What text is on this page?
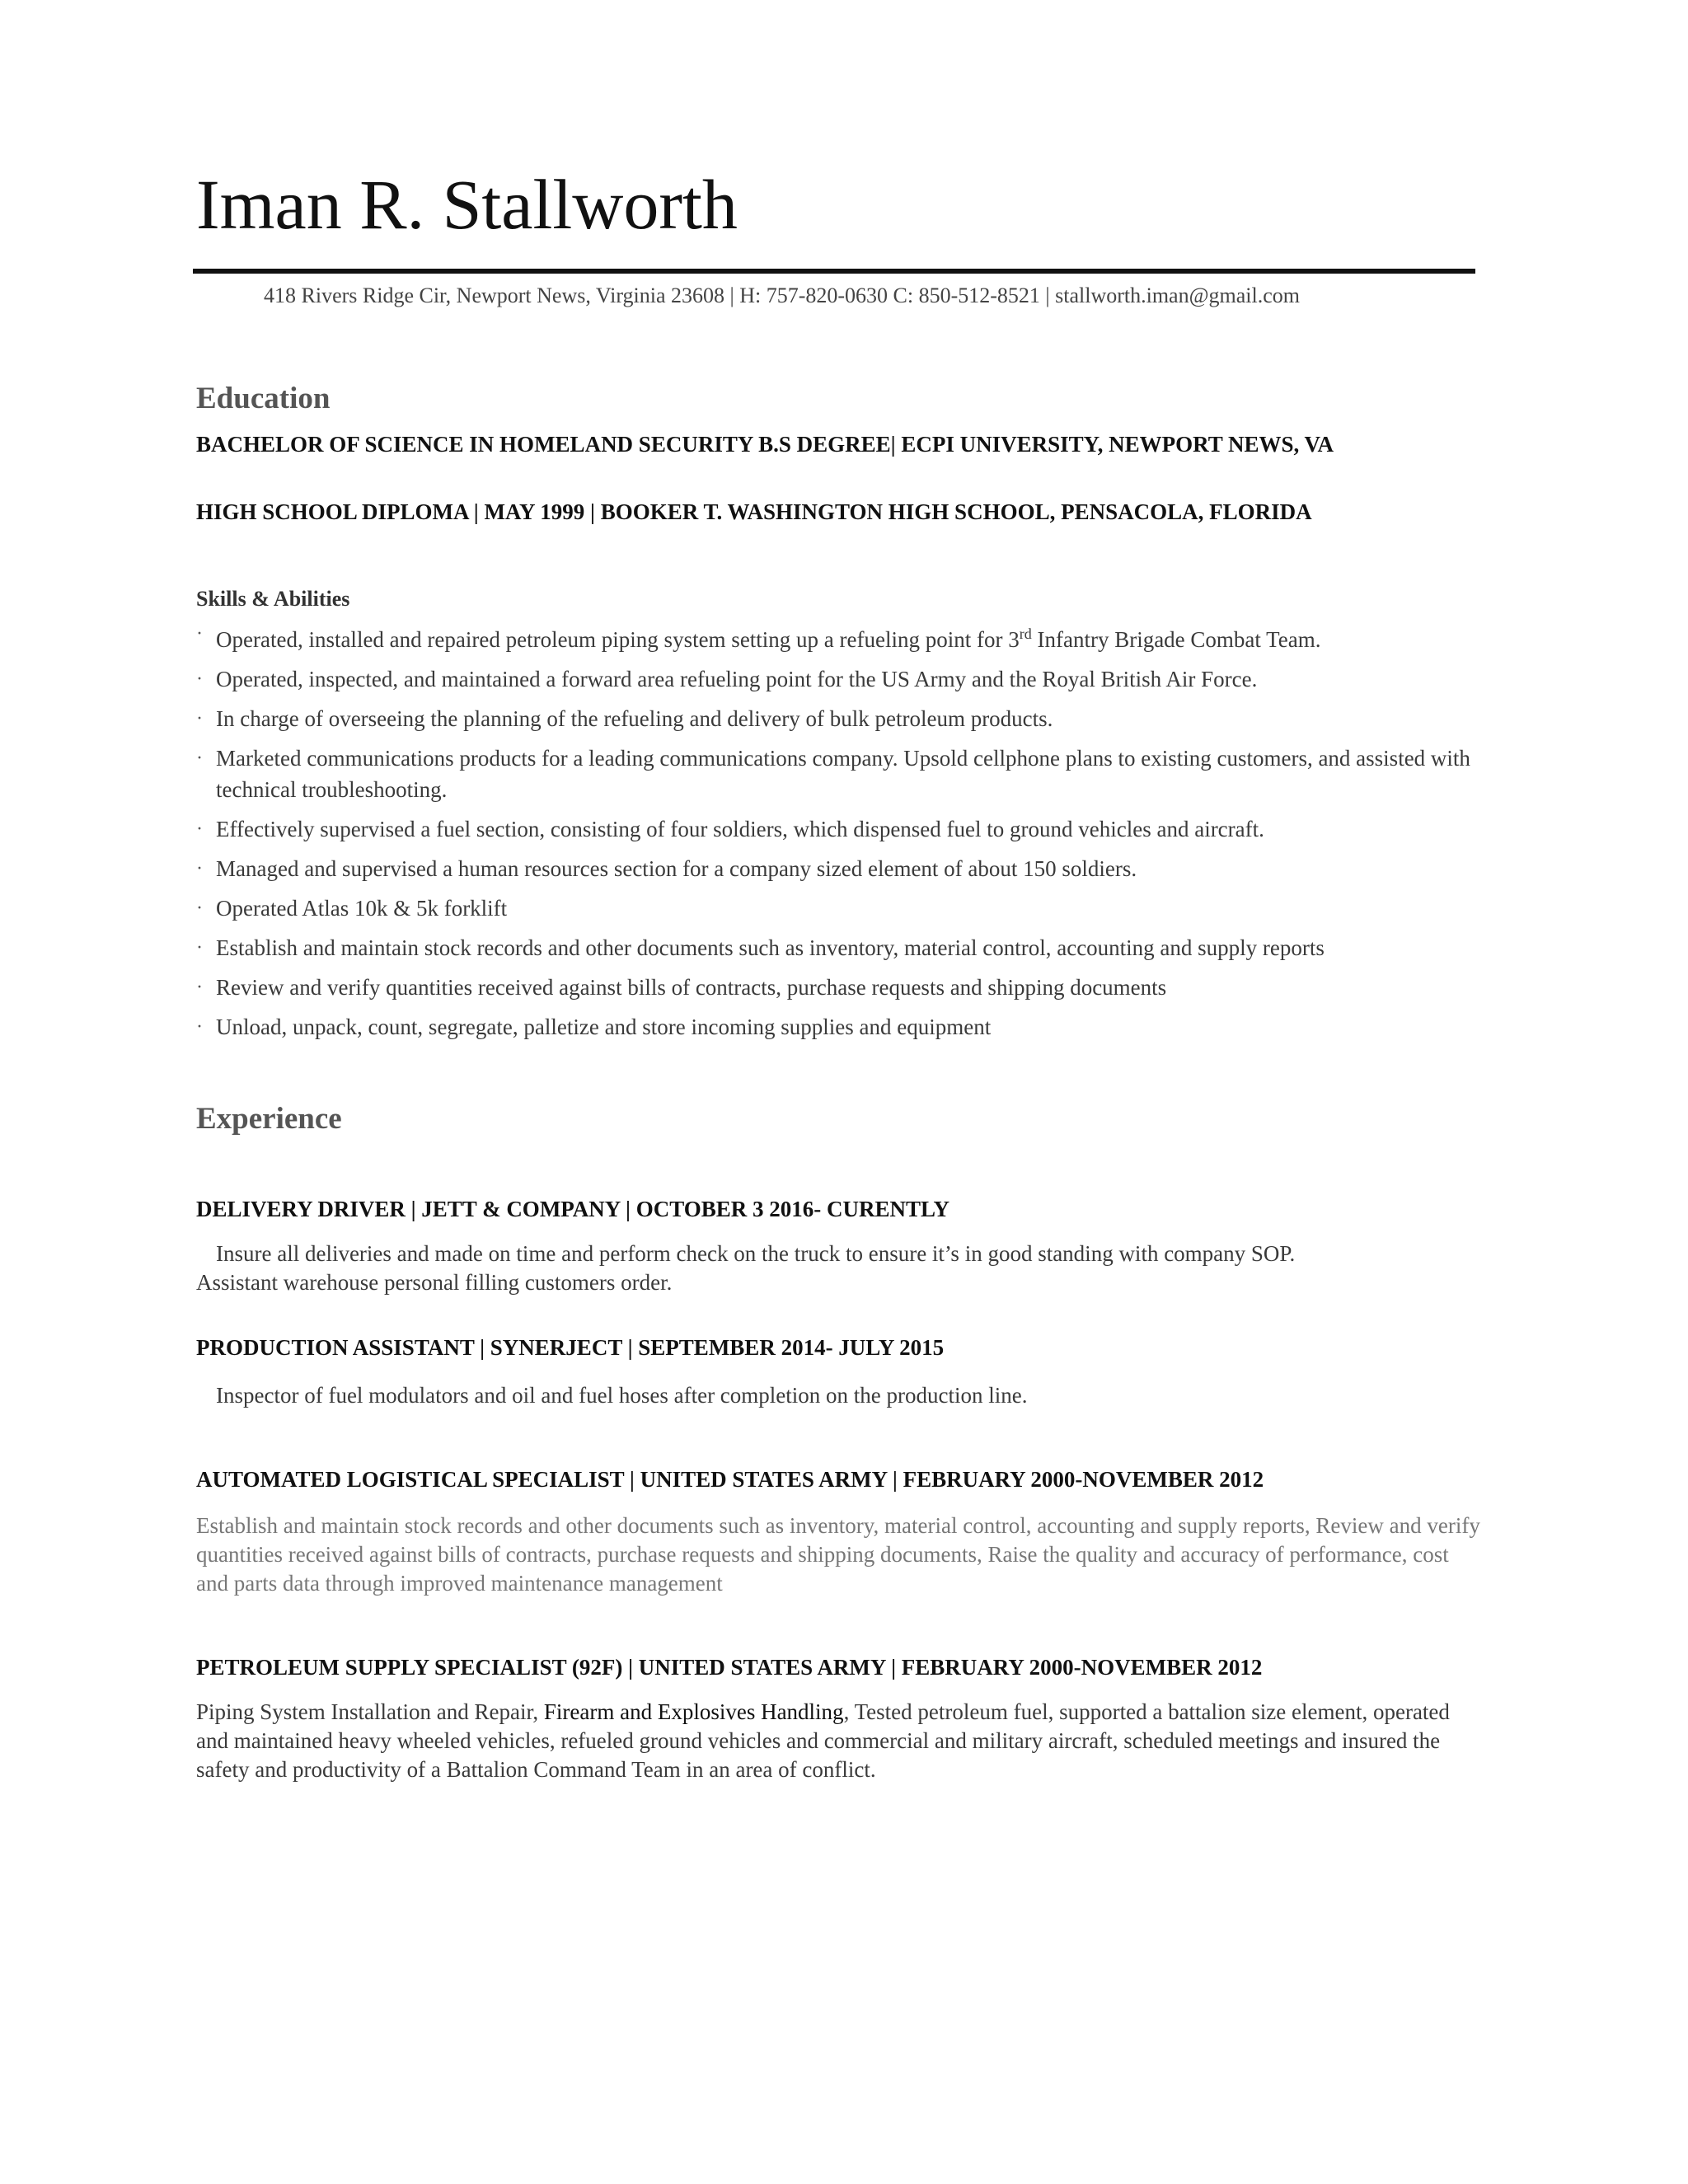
Iman R. Stallworth
418 Rivers Ridge Cir, Newport News, Virginia 23608 | H: 757-820-0630 C: 850-512-8521 | stallworth.iman@gmail.com
Education
BACHELOR OF SCIENCE IN HOMELAND SECURITY B.S DEGREE| ECPI UNIVERSITY, NEWPORT NEWS, VA
HIGH SCHOOL DIPLOMA | MAY 1999 | BOOKER T. WASHINGTON HIGH SCHOOL, PENSACOLA, FLORIDA
Skills & Abilities
· Operated, installed and repaired petroleum piping system setting up a refueling point for 3rd Infantry Brigade Combat Team.
· Operated, inspected, and maintained a forward area refueling point for the US Army and the Royal British Air Force.
· In charge of overseeing the planning of the refueling and delivery of bulk petroleum products.
· Marketed communications products for a leading communications company. Upsold cellphone plans to existing customers, and assisted with technical troubleshooting.
· Effectively supervised a fuel section, consisting of four soldiers, which dispensed fuel to ground vehicles and aircraft.
· Managed and supervised a human resources section for a company sized element of about 150 soldiers.
· Operated Atlas 10k & 5k forklift
· Establish and maintain stock records and other documents such as inventory, material control, accounting and supply reports
· Review and verify quantities received against bills of contracts, purchase requests and shipping documents
· Unload, unpack, count, segregate, palletize and store incoming supplies and equipment
Experience
DELIVERY DRIVER | JETT & COMPANY | OCTOBER 3 2016- CURENTLY
Insure all deliveries and made on time and perform check on the truck to ensure it’s in good standing with company SOP.
Assistant warehouse personal filling customers order.
PRODUCTION ASSISTANT | SYNERJECT | SEPTEMBER 2014- JULY 2015
Inspector of fuel modulators and oil and fuel hoses after completion on the production line.
AUTOMATED LOGISTICAL SPECIALIST | UNITED STATES ARMY | FEBRUARY 2000-NOVEMBER 2012
Establish and maintain stock records and other documents such as inventory, material control, accounting and supply reports, Review and verify quantities received against bills of contracts, purchase requests and shipping documents, Raise the quality and accuracy of performance, cost and parts data through improved maintenance management
PETROLEUM SUPPLY SPECIALIST (92F) | UNITED STATES ARMY | FEBRUARY 2000-NOVEMBER 2012
Piping System Installation and Repair, Firearm and Explosives Handling, Tested petroleum fuel, supported a battalion size element, operated and maintained heavy wheeled vehicles, refueled ground vehicles and commercial and military aircraft, scheduled meetings and insured the safety and productivity of a Battalion Command Team in an area of conflict.
